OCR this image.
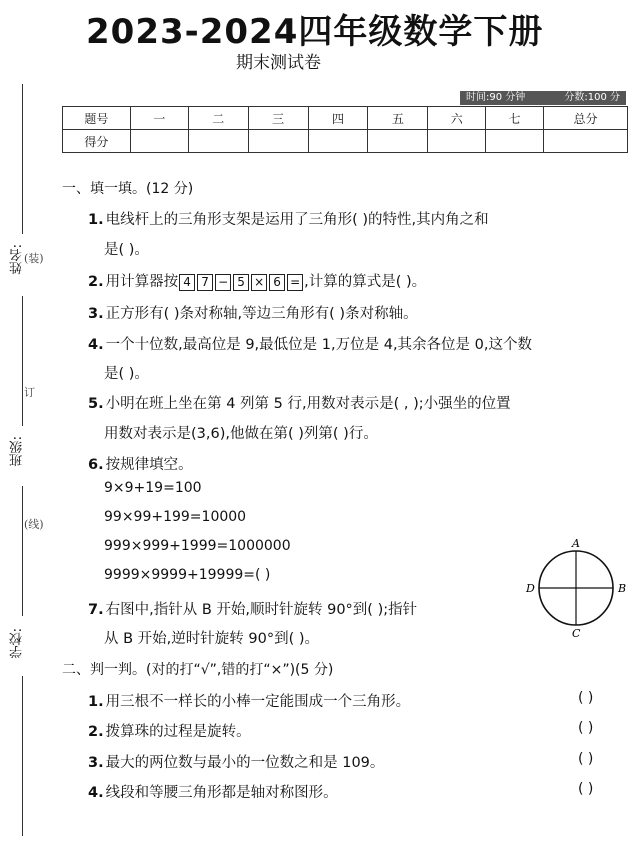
姓名:
班级:
学校:
(装)
订
(线)
2023-2024四年级数学下册
期末测试卷
时间:90 分钟	分数:100 分
题号	一	二	三	四	五	六	七	总分
得分								
一、填一填。(12 分)
1. 电线杆上的三角形支架是运用了三角形( )的特性,其内角之和
是( )。
2. 用计算器按 4 7 − 5 × 6 = ,计算的算式是( )。
3. 正方形有( )条对称轴,等边三角形有( )条对称轴。
4. 一个十位数,最高位是 9,最低位是 1,万位是 4,其余各位是 0,这个数
是( )。
5. 小明在班上坐在第 4 列第 5 行,用数对表示是( , );小强坐的位置
用数对表示是(3,6),他做在第( )列第( )行。
6. 按规律填空。
9×9+19=100
99×99+199=10000
999×999+1999=1000000
9999×9999+19999=( )
7. 右图中,指针从 B 开始,顺时针旋转 90°到( );指针
从 B 开始,逆时针旋转 90°到( )。
A
B
C
D
二、判一判。(对的打“√”,错的打“×”)(5 分)
1. 用三根不一样长的小棒一定能围成一个三角形。	( )
2. 拨算珠的过程是旋转。	( )
3. 最大的两位数与最小的一位数之和是 109。	( )
4. 线段和等腰三角形都是轴对称图形。	( )
